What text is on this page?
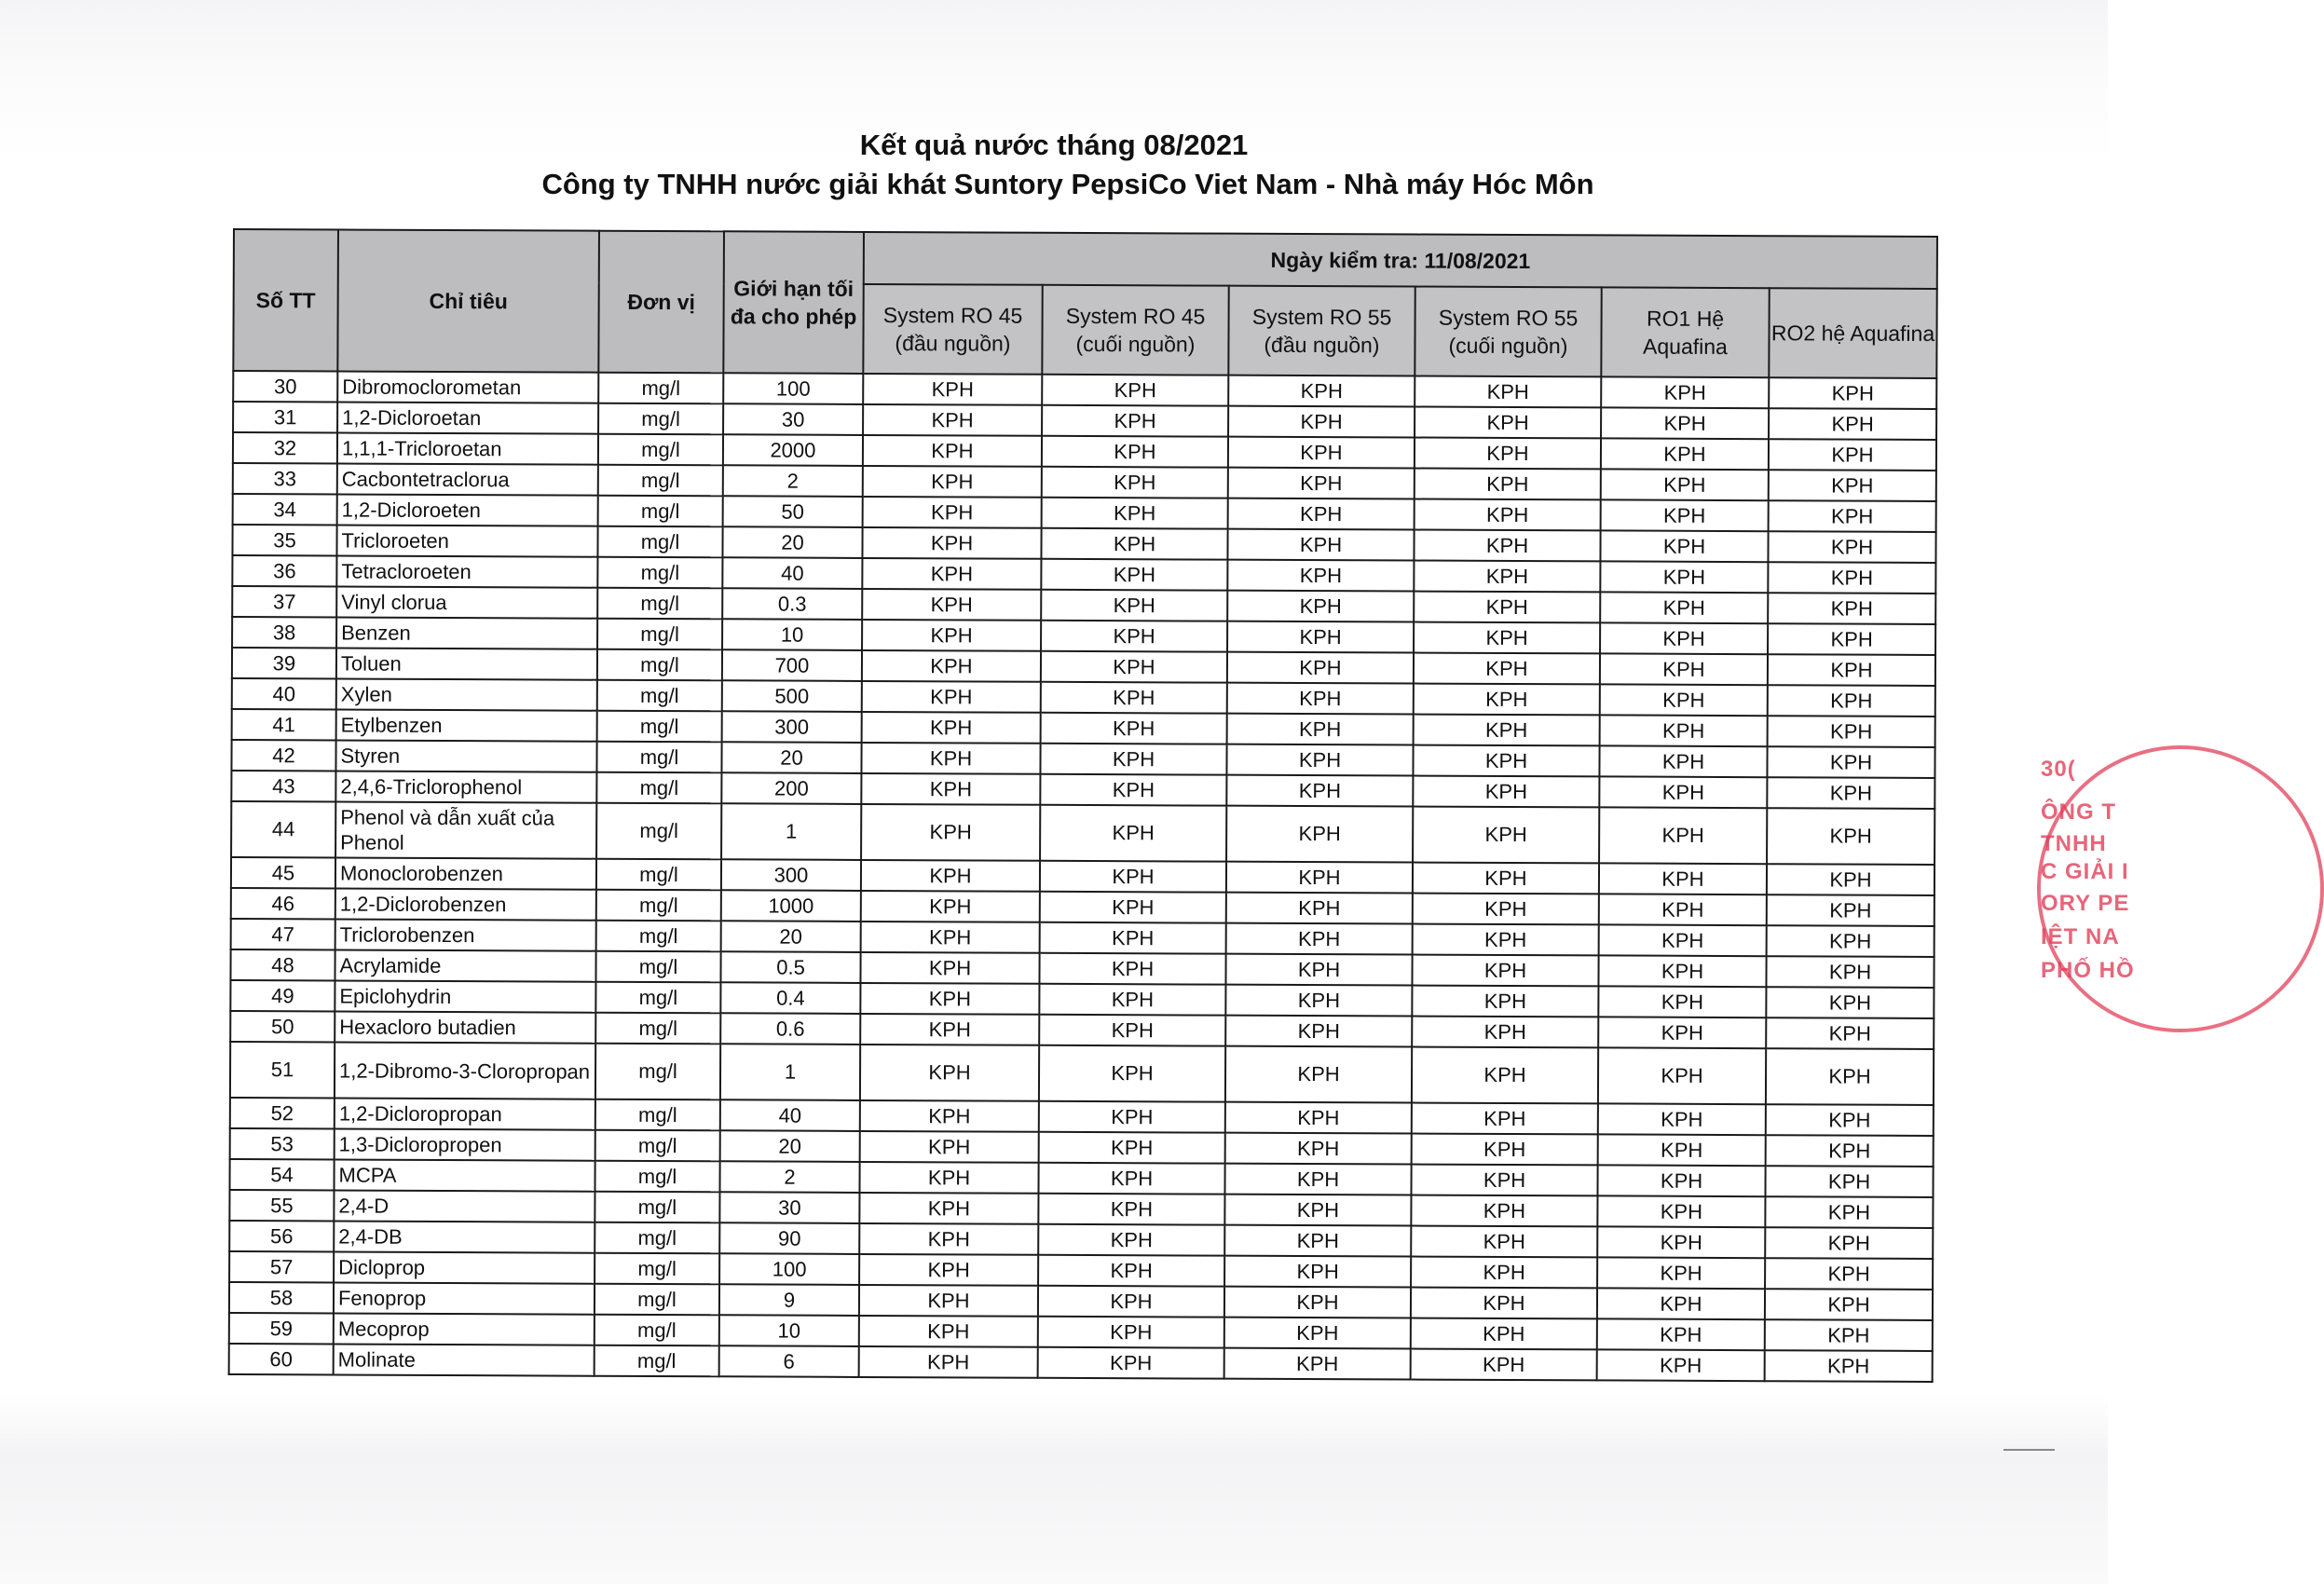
Kết quả nước tháng 08/2021
Công ty TNHH nước giải khát Suntory PepsiCo Viet Nam - Nhà máy Hóc Môn
Số TT	Chỉ tiêu	Đơn vị	Giới hạn tối đa cho phép	Ngày kiểm tra: 11/08/2021					
				System RO 45 (đầu nguồn)	System RO 45 (cuối nguồn)	System RO 55 (đầu nguồn)	System RO 55 (cuối nguồn)	RO1 Hệ Aquafina	RO2 hệ Aquafina
30	Dibromoclorometan	mg/l	100	KPH	KPH	KPH	KPH	KPH	KPH
31	1,2-Dicloroetan	mg/l	30	KPH	KPH	KPH	KPH	KPH	KPH
32	1,1,1-Tricloroetan	mg/l	2000	KPH	KPH	KPH	KPH	KPH	KPH
33	Cacbontetraclorua	mg/l	2	KPH	KPH	KPH	KPH	KPH	KPH
34	1,2-Dicloroeten	mg/l	50	KPH	KPH	KPH	KPH	KPH	KPH
35	Tricloroeten	mg/l	20	KPH	KPH	KPH	KPH	KPH	KPH
36	Tetracloroeten	mg/l	40	KPH	KPH	KPH	KPH	KPH	KPH
37	Vinyl clorua	mg/l	0.3	KPH	KPH	KPH	KPH	KPH	KPH
38	Benzen	mg/l	10	KPH	KPH	KPH	KPH	KPH	KPH
39	Toluen	mg/l	700	KPH	KPH	KPH	KPH	KPH	KPH
40	Xylen	mg/l	500	KPH	KPH	KPH	KPH	KPH	KPH
41	Etylbenzen	mg/l	300	KPH	KPH	KPH	KPH	KPH	KPH
42	Styren	mg/l	20	KPH	KPH	KPH	KPH	KPH	KPH
43	2,4,6-Triclorophenol	mg/l	200	KPH	KPH	KPH	KPH	KPH	KPH
44	Phenol và dẫn xuất của Phenol	mg/l	1	KPH	KPH	KPH	KPH	KPH	KPH
45	Monoclorobenzen	mg/l	300	KPH	KPH	KPH	KPH	KPH	KPH
46	1,2-Diclorobenzen	mg/l	1000	KPH	KPH	KPH	KPH	KPH	KPH
47	Triclorobenzen	mg/l	20	KPH	KPH	KPH	KPH	KPH	KPH
48	Acrylamide	mg/l	0.5	KPH	KPH	KPH	KPH	KPH	KPH
49	Epiclohydrin	mg/l	0.4	KPH	KPH	KPH	KPH	KPH	KPH
50	Hexacloro butadien	mg/l	0.6	KPH	KPH	KPH	KPH	KPH	KPH
51	1,2-Dibromo-3-Cloropropan	mg/l	1	KPH	KPH	KPH	KPH	KPH	KPH
52	1,2-Dicloropropan	mg/l	40	KPH	KPH	KPH	KPH	KPH	KPH
53	1,3-Dicloropropen	mg/l	20	KPH	KPH	KPH	KPH	KPH	KPH
54	MCPA	mg/l	2	KPH	KPH	KPH	KPH	KPH	KPH
55	2,4-D	mg/l	30	KPH	KPH	KPH	KPH	KPH	KPH
56	2,4-DB	mg/l	90	KPH	KPH	KPH	KPH	KPH	KPH
57	Dicloprop	mg/l	100	KPH	KPH	KPH	KPH	KPH	KPH
58	Fenoprop	mg/l	9	KPH	KPH	KPH	KPH	KPH	KPH
59	Mecoprop	mg/l	10	KPH	KPH	KPH	KPH	KPH	KPH
60	Molinate	mg/l	6	KPH	KPH	KPH	KPH	KPH	KPH
30(
ÔNG T
TNHH
C GIẢI I
ORY PE
IỆT NA
PHỐ HỒ
